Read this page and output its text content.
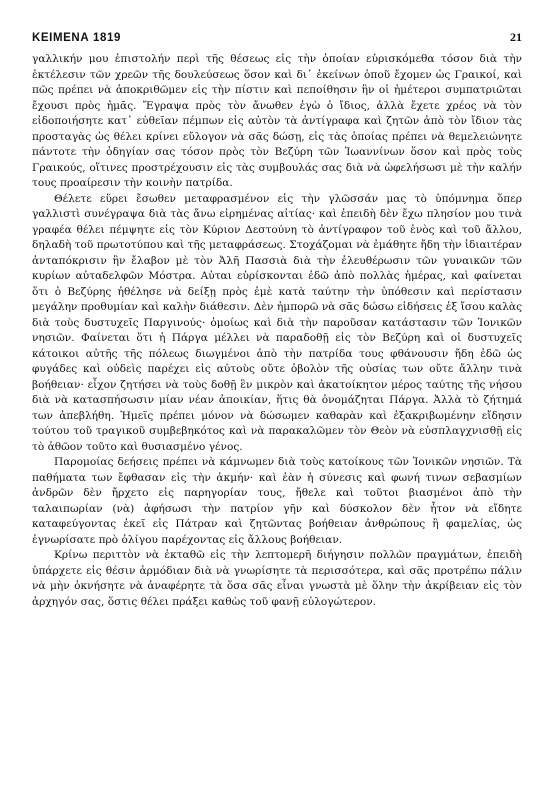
ΚΕΙΜΕΝΑ 1819	21

γαλλικήν μου ἐπιστολήν περὶ τῆς θέσεως εἰς τὴν ὁποίαν εὑρισκόμεθα τόσον διὰ τὴν ἐκτέλεσιν τῶν χρεῶν τῆς δουλεύσεως ὅσον καὶ δι᾽ ἐκείνων ὁποῦ ἔχομεν ὡς Γραικοί, καὶ πῶς πρέπει νὰ ἀποκριθῶμεν εἰς τὴν πίστιν καὶ πεποίθησιν ἣν οἱ ἡμέτεροι συμπατριῶται ἔχουσι πρὸς ἡμᾶς. Ἔγραψα πρὸς τὸν ἄνωθεν ἐγὼ ὁ ἴδιος, ἀλλὰ ἔχετε χρέος νὰ τὸν εἰδοποιήσητε κατ᾽ εὐθεῖαν πέμπων εἰς αὐτὸν τὰ ἀντίγραφα καὶ ζητῶν ἀπὸ τὸν ἴδιον τὰς προσταγὰς ὡς θέλει κρίνει εὔλογον νὰ σᾶς δώσῃ, εἰς τὰς ὁποίας πρέπει νὰ θεμελειώνητε πάντοτε τὴν ὁδηγίαν σας τόσον πρὸς τὸν Βεζύρη τῶν Ἰωαννίνων ὅσον καὶ πρὸς τοὺς Γραικούς, οἵτινες προστρέχουσιν εἰς τὰς συμβουλάς σας διὰ νὰ ὠφελήσωσι μὲ τὴν καλήν τους προαίρεσιν τὴν κοινὴν πατρίδα.

Θέλετε εὕρει ἔσωθεν μεταφρασμένον εἰς τὴν γλῶσσάν μας τὸ ὑπόμνημα ὅπερ γαλλιστὶ συνέγραψα διὰ τὰς ἄνω εἰρημένας αἰτίας· καὶ ἐπειδὴ δὲν ἔχω πλησίον μου τινὰ γραφέα θέλει πέμψητε εἰς τὸν Κύριον Δεστούνη τὸ ἀντίγραφον τοῦ ἑνὸς καὶ τοῦ ἄλλου, δηλαδὴ τοῦ πρωτοτύπου καὶ τῆς μεταφράσεως. Στοχάζομαι νὰ ἐμάθητε ἤδη τὴν ἰδιαιτέραν ἀνταπόκρισιν ἣν ἔλαβον μὲ τὸν Ἀλῆ Πασσιὰ διὰ τὴν ἐλευθέρωσιν τῶν γυναικῶν τῶν κυρίων αὐταδελφῶν Μόστρα. Αὐται εὑρίσκονται ἐδῶ ἀπὸ πολλὰς ἡμέρας, καὶ φαίνεται ὅτι ὁ Βεζύρης ἠθέλησε νὰ δείξῃ πρὸς ἐμὲ κατὰ ταύτην τὴν ὑπόθεσιν καὶ περίστασιν μεγάλην προθυμίαν καὶ καλὴν διάθεσιν. Δὲν ἠμπορῶ νὰ σᾶς δώσω εἰδήσεις ἐξ ἴσου καλὰς διὰ τοὺς δυστυχεῖς Παργινούς· ὁμοίως καὶ διὰ τὴν παροῦσαν κατάστασιν τῶν Ἰονικῶν νησιῶν. Φαίνεται ὅτι ἡ Πάργα μέλλει νὰ παραδοθῇ εἰς τὸν Βεζύρη καὶ οἱ δυστυχεῖς κάτοικοι αὐτῆς τῆς πόλεως διωγμένοι ἀπὸ τὴν πατρίδα τους φθάνουσιν ἤδη ἐδῶ ὡς φυγάδες καὶ οὐδεὶς παρέχει εἰς αὐτοὺς οὔτε ὀβολὸν τῆς οὐσίας των οὔτε ἄλλην τινὰ βοήθειαν· εἶχον ζητήσει νὰ τοὺς δοθῇ ἓν μικρὸν καὶ ἀκατοίκητον μέρος ταύτης τῆς νήσου διὰ νὰ κατασπήσωσιν μίαν νέαν ἀποικίαν, ἥτις θὰ ὀνομάζηται Πάργα. Ἀλλὰ τὸ ζήτημά των ἀπεβλήθη. Ἡμεῖς πρέπει μόνον νὰ δώσωμεν καθαρὰν καὶ ἐξακριβωμένην εἴδησιν τούτου τοῦ τραγικοῦ συμβεβηκότος καὶ νὰ παρακαλῶμεν τὸν Θεὸν νὰ εὐσπλαγχνισθῇ εἰς τὸ ἀθῶον τοῦτο καὶ θυσιασμένο γένος.

Παρομοίας δεήσεις πρέπει νὰ κάμνωμεν διὰ τοὺς κατοίκους τῶν Ἰονικῶν νησιῶν. Τὰ παθήματα των ἔφθασαν εἰς τὴν ἀκμήν· καὶ ἐὰν ἡ σύνεσις καὶ φωνή τινων σεβασμίων ἀνδρῶν δὲν ἤρχετο εἰς παρηγορίαν τους, ἤθελε καὶ τοῦτοι βιασμένοι ἀπὸ τὴν ταλαιπωρίαν (νὰ) ἀφήσωσι τὴν πατρίον γῆν καὶ δύσκολον δὲν ἦτον νὰ εἴδητε καταφεύγοντας ἐκεῖ εἰς Πάτραν καὶ ζητῶντας βοήθειαν ἀνθρώπους ἢ φαμελίας, ὡς ἐγνωρίσατε πρὸ ὀλίγου παρέχοντας εἰς ἄλλους βοήθειαν.

Κρίνω περιττὸν νὰ ἐκταθῶ εἰς τὴν λεπτομερῆ διήγησιν πολλῶν πραγμάτων, ἐπειδὴ ὑπάρχετε εἰς θέσιν ἁρμόδιαν διὰ νὰ γνωρίσητε τὰ περισσότερα, καὶ σᾶς προτρέπω πάλιν νὰ μὴν ὀκνήσητε νὰ ἀναφέρητε τὰ ὅσα σᾶς εἶναι γνωστὰ μὲ ὅλην τὴν ἀκρίβειαν εἰς τὸν ἀρχηγόν σας, ὅστις θέλει πράξει καθὼς τοῦ φανῇ εὐλογώτερον.
